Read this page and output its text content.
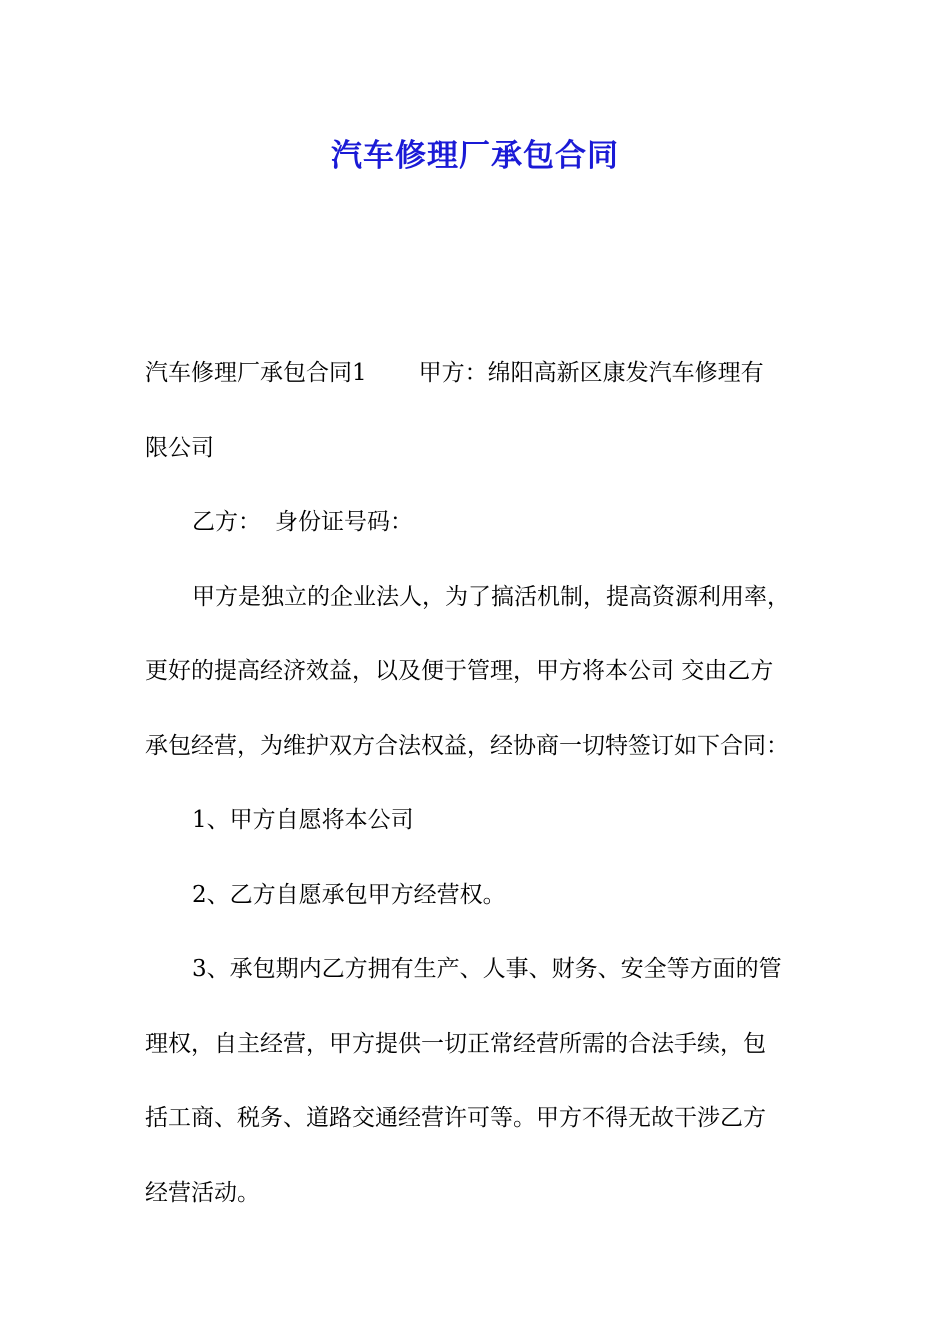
汽车修理厂承包合同
汽车修理厂承包合同1 甲方：绵阳高新区康发汽车修理有
限公司
乙方： 身份证号码：
甲方是独立的企业法人，为了搞活机制，提高资源利用率，
更好的提高经济效益，以及便于管理，甲方将本公司 交由乙方
承包经营，为维护双方合法权益，经协商一切特签订如下合同：
1、甲方自愿将本公司
2、乙方自愿承包甲方经营权。
3、承包期内乙方拥有生产、人事、财务、安全等方面的管
理权，自主经营，甲方提供一切正常经营所需的合法手续，包
括工商、税务、道路交通经营许可等。甲方不得无故干涉乙方
经营活动。
